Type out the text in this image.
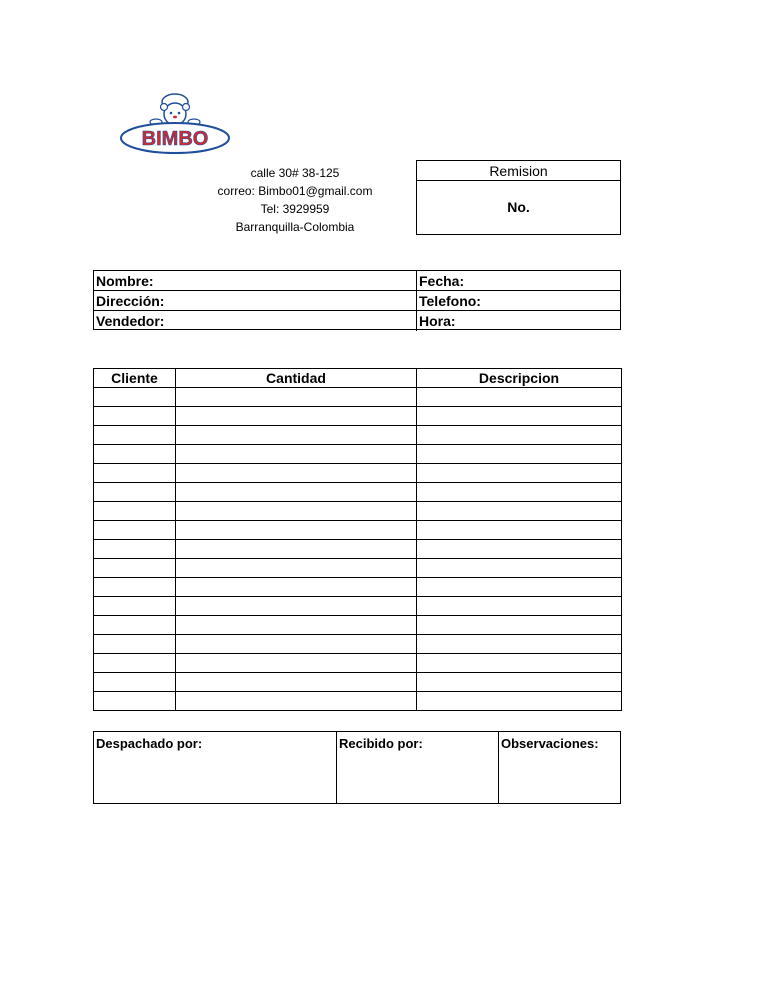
BIMBO
calle 30# 38-125
correo: Bimbo01@gmail.com
Tel: 3929959
Barranquilla-Colombia
Remision
No.
Nombre:	Fecha:
Dirección:	Telefono:
Vendedor:	Hora:
Cliente	Cantidad	Descripcion

Despachado por:	Recibido por:	Observaciones:
